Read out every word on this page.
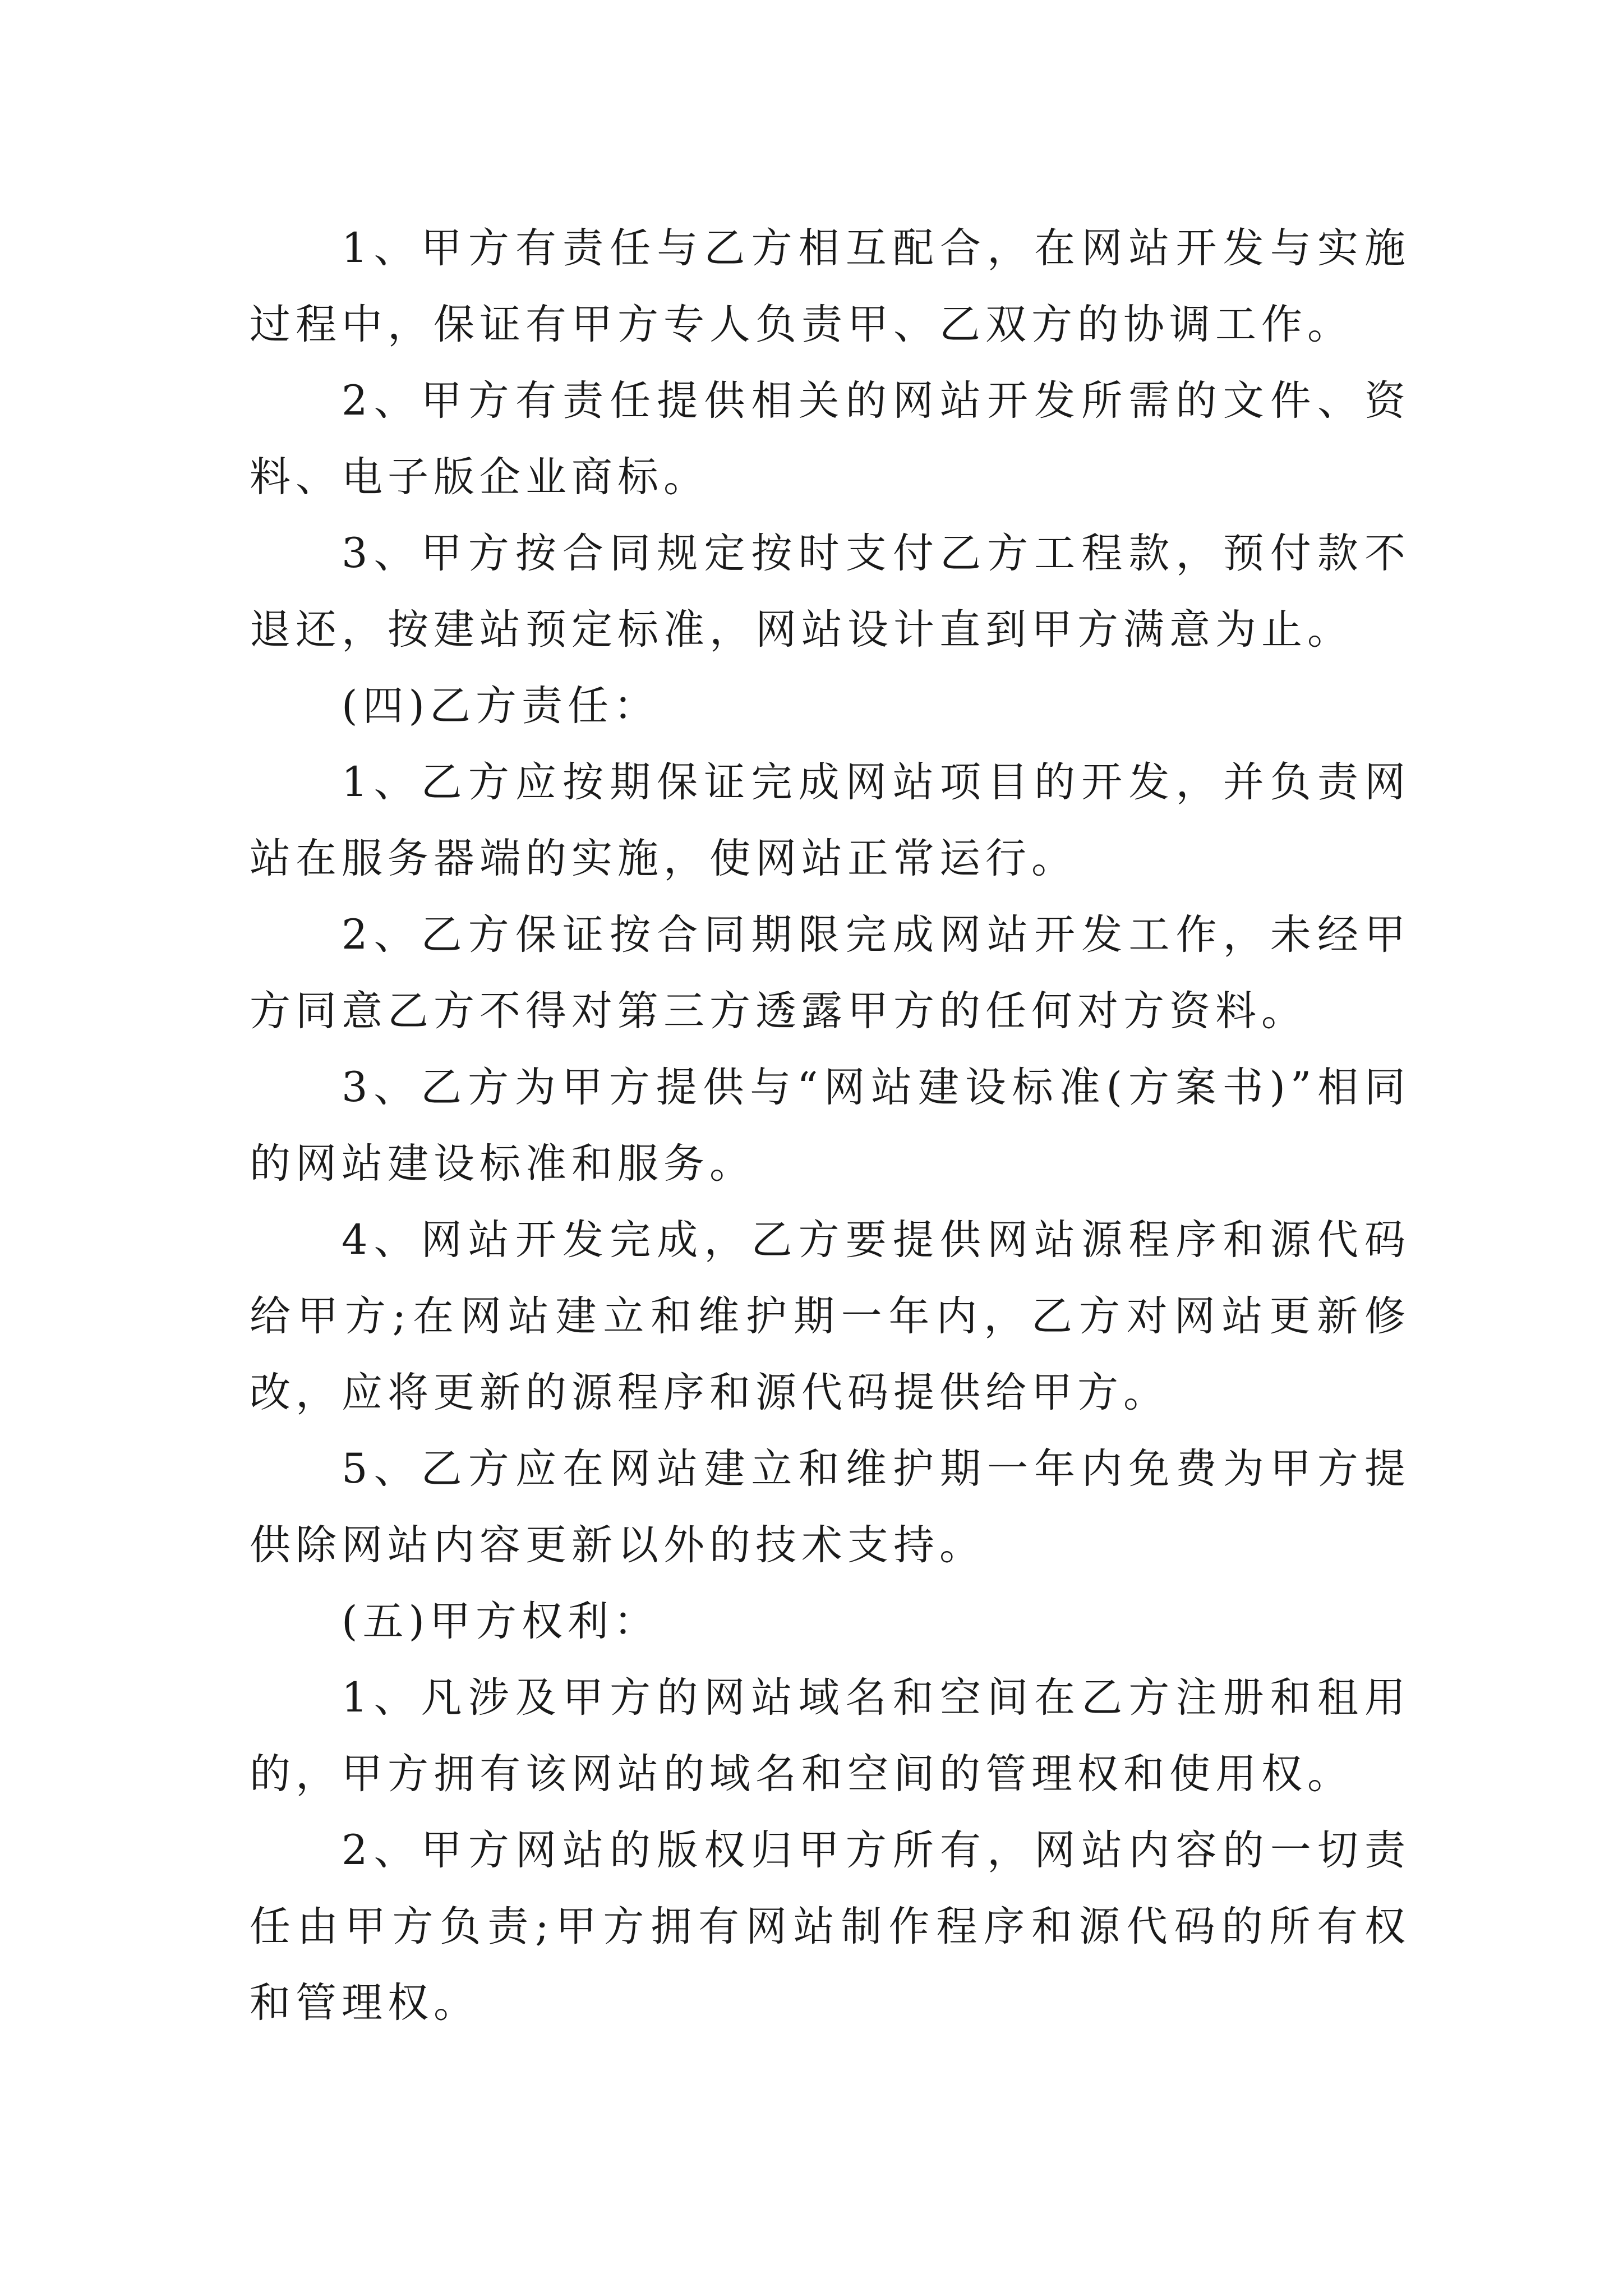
1、甲方有责任与乙方相互配合，在网站开发与实施过程中，保证有甲方专人负责甲、乙双方的协调工作。

2、甲方有责任提供相关的网站开发所需的文件、资料、电子版企业商标。

3、甲方按合同规定按时支付乙方工程款，预付款不退还，按建站预定标准，网站设计直到甲方满意为止。

(四)乙方责任：

1、乙方应按期保证完成网站项目的开发，并负责网站在服务器端的实施，使网站正常运行。

2、乙方保证按合同期限完成网站开发工作，未经甲方同意乙方不得对第三方透露甲方的任何对方资料。

3、乙方为甲方提供与“网站建设标准(方案书)”相同的网站建设标准和服务。

4、网站开发完成，乙方要提供网站源程序和源代码给甲方;在网站建立和维护期一年内，乙方对网站更新修改，应将更新的源程序和源代码提供给甲方。

5、乙方应在网站建立和维护期一年内免费为甲方提供除网站内容更新以外的技术支持。

(五)甲方权利：

1、凡涉及甲方的网站域名和空间在乙方注册和租用的，甲方拥有该网站的域名和空间的管理权和使用权。

2、甲方网站的版权归甲方所有，网站内容的一切责任由甲方负责;甲方拥有网站制作程序和源代码的所有权和管理权。
